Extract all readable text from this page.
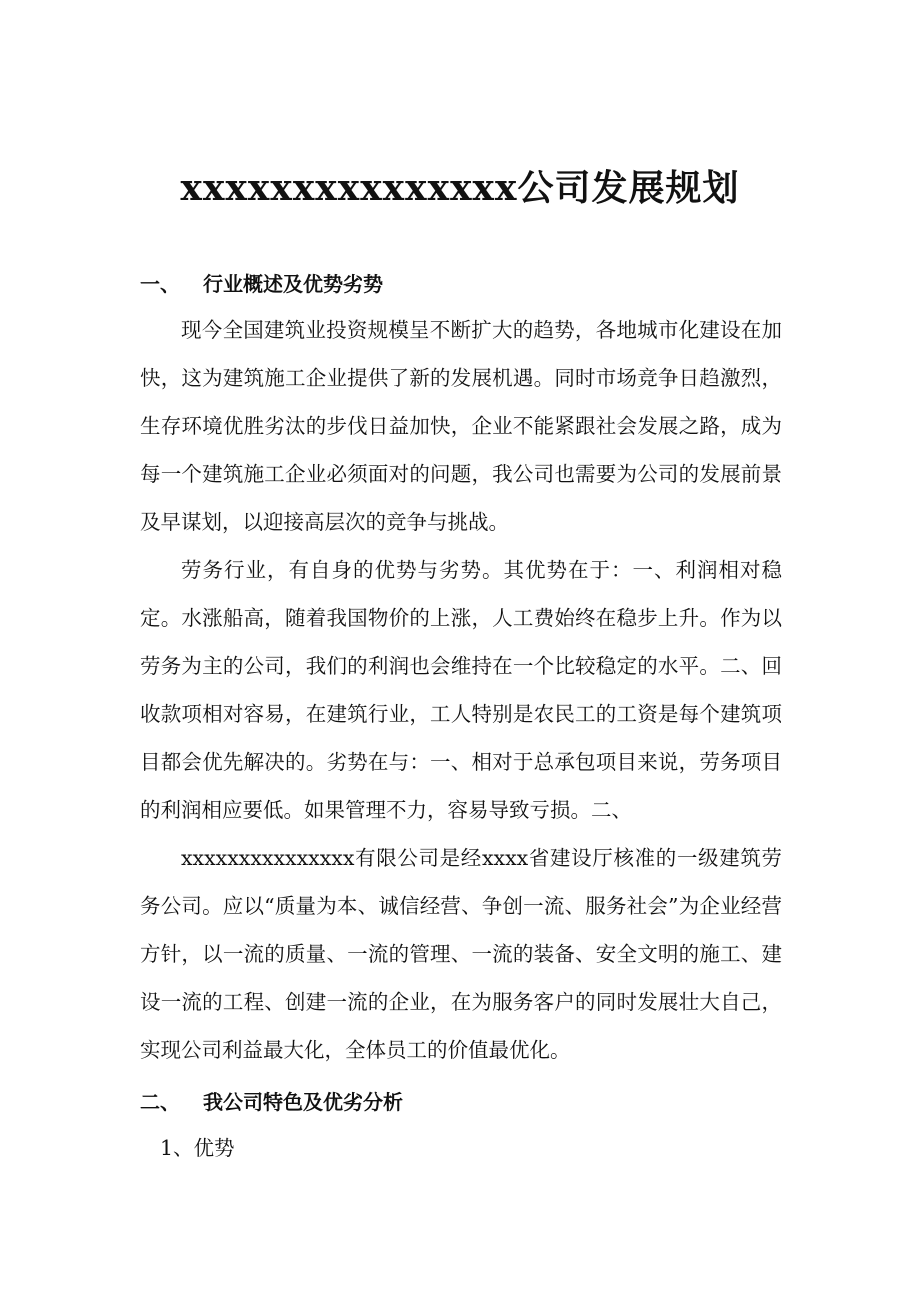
xxxxxxxxxxxxxxx公司发展规划
一、 行业概述及优势劣势
现今全国建筑业投资规模呈不断扩大的趋势，各地城市化建设在加快，这为建筑施工企业提供了新的发展机遇。同时市场竞争日趋激烈，生存环境优胜劣汰的步伐日益加快，企业不能紧跟社会发展之路，成为每一个建筑施工企业必须面对的问题，我公司也需要为公司的发展前景及早谋划，以迎接高层次的竞争与挑战。
劳务行业，有自身的优势与劣势。其优势在于：一、利润相对稳定。水涨船高，随着我国物价的上涨，人工费始终在稳步上升。作为以劳务为主的公司，我们的利润也会维持在一个比较稳定的水平。二、回收款项相对容易，在建筑行业，工人特别是农民工的工资是每个建筑项目都会优先解决的。劣势在与：一、相对于总承包项目来说，劳务项目的利润相应要低。如果管理不力，容易导致亏损。二、
xxxxxxxxxxxxxxx有限公司是经xxxx省建设厅核准的一级建筑劳务公司。应以“质量为本、诚信经营、争创一流、服务社会”为企业经营方针，以一流的质量、一流的管理、一流的装备、安全文明的施工、建设一流的工程、创建一流的企业，在为服务客户的同时发展壮大自己，实现公司利益最大化，全体员工的价值最优化。
二、 我公司特色及优劣分析
1、优势
